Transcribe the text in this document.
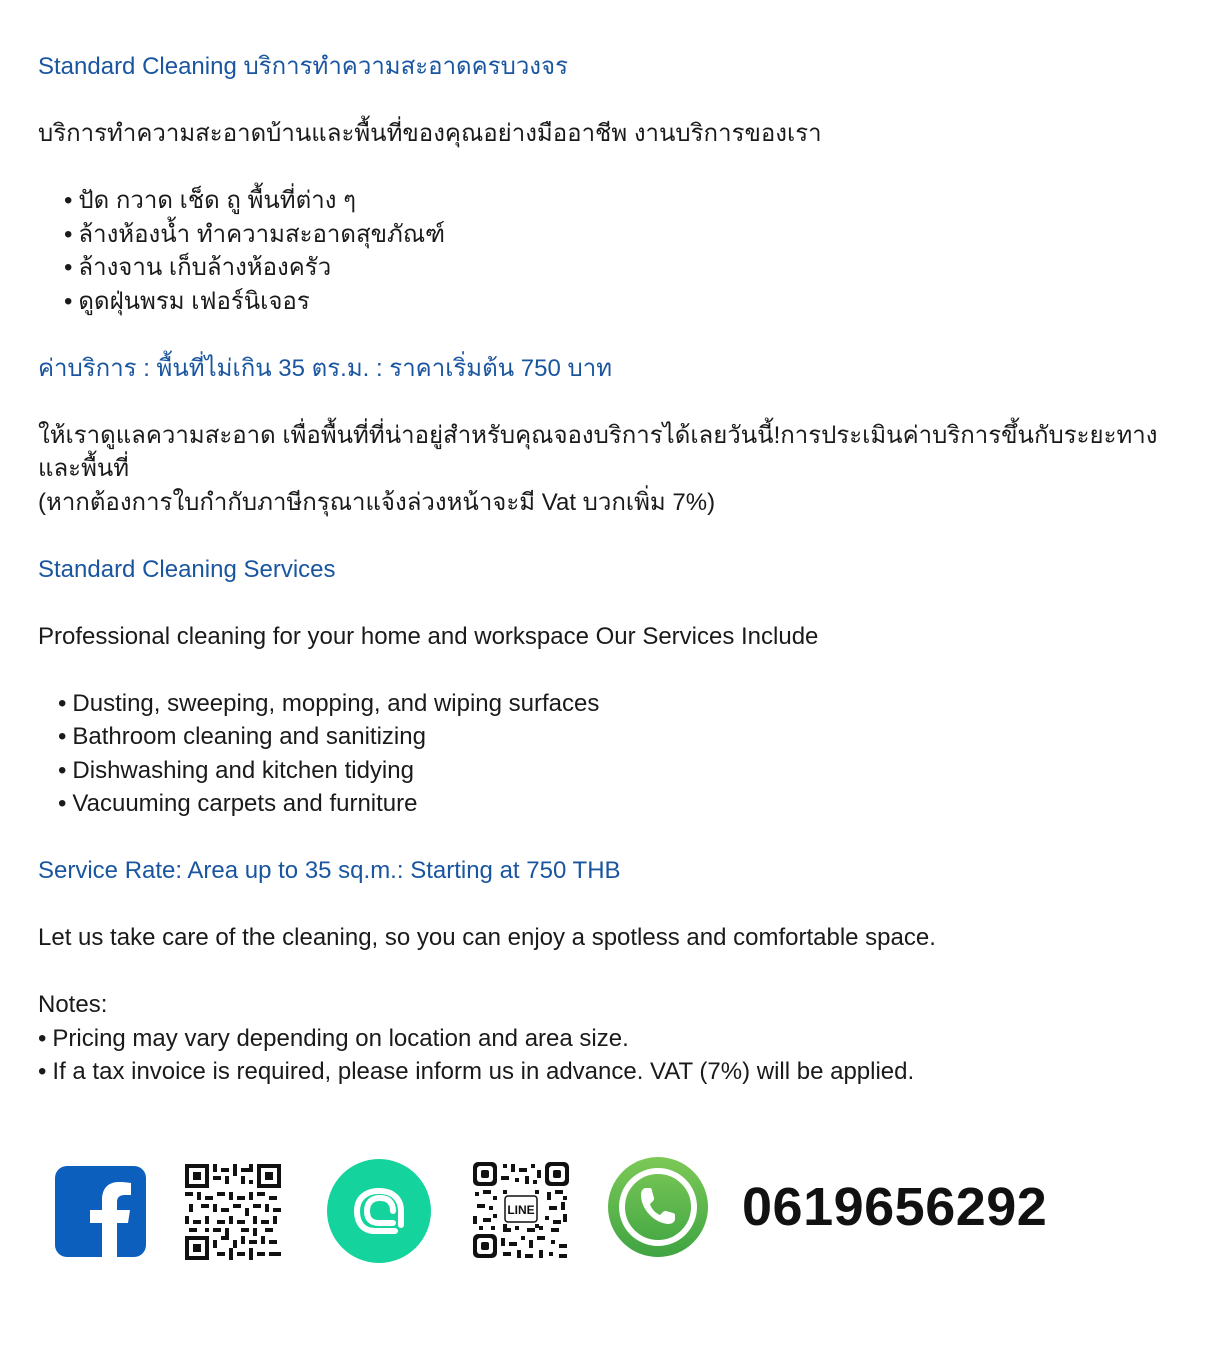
Standard Cleaning บริการทำความสะอาดครบวงจร

บริการทำความสะอาดบ้านและพื้นที่ของคุณอย่างมืออาชีพ งานบริการของเรา

• ปัด กวาด เช็ด ถู พื้นที่ต่าง ๆ
• ล้างห้องน้ำ ทำความสะอาดสุขภัณฑ์
• ล้างจาน เก็บล้างห้องครัว
• ดูดฝุ่นพรม เฟอร์นิเจอร

ค่าบริการ : พื้นที่ไม่เกิน 35 ตร.ม. : ราคาเริ่มต้น 750 บาท

ให้เราดูแลความสะอาด เพื่อพื้นที่ที่น่าอยู่สำหรับคุณจองบริการได้เลยวันนี้!การประเมินค่าบริการขึ้นกับระยะทางและพื้นที่

(หากต้องการใบกำกับภาษีกรุณาแจ้งล่วงหน้าจะมี Vat บวกเพิ่ม 7%)

Standard Cleaning Services

Professional cleaning for your home and workspace Our Services Include

• Dusting, sweeping, mopping, and wiping surfaces
• Bathroom cleaning and sanitizing
• Dishwashing and kitchen tidying
• Vacuuming carpets and furniture

Service Rate: Area up to 35 sq.m.: Starting at 750 THB

Let us take care of the cleaning, so you can enjoy a spotless and comfortable space.

Notes:

• Pricing may vary depending on location and area size.
• If a tax invoice is required, please inform us in advance. VAT (7%) will be applied.
LINE	0619656292
